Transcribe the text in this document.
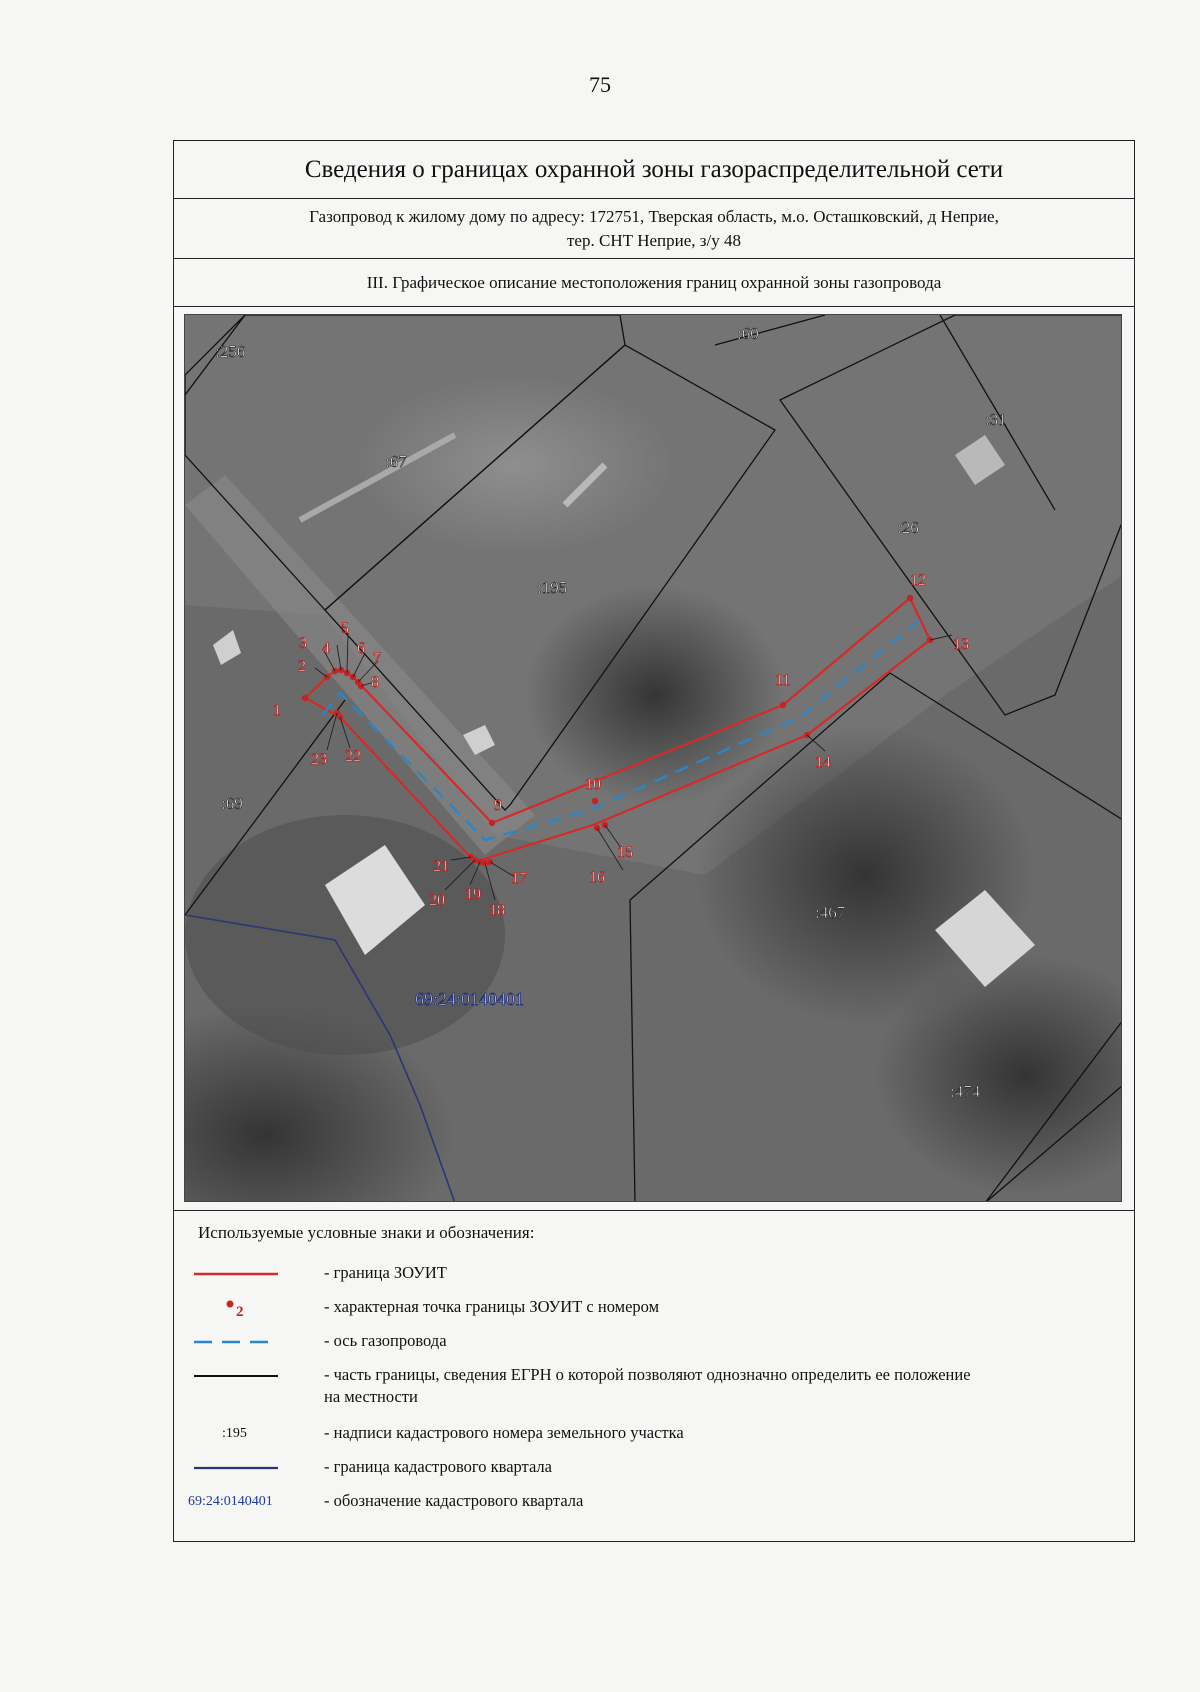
75
Сведения о границах охранной зоны газораспределительной сети
Газопровод к жилому дому по адресу: 172751, Тверская область, м.о. Осташковский, д Неприе,
тер. СНТ Неприе, з/у 48
III. Графическое описание местоположения границ охранной зоны газопровода
1
2
3 4
5
6
7
8
9
10
11
12
13
14
15
16
17
18
19
20
21
22
23
:256
:60
:67
:31
:26
:195
:69
:467
:474
69:24:0140401
Используемые условные знаки и обозначения:
- граница ЗОУИТ
2	- характерная точка границы ЗОУИТ с номером
- ось газопровода
- часть границы, сведения ЕГРН о которой позволяют однозначно определить ее положение
на местности
:195	- надписи кадастрового номера земельного участка
- граница кадастрового квартала
69:24:0140401	- обозначение кадастрового квартала
